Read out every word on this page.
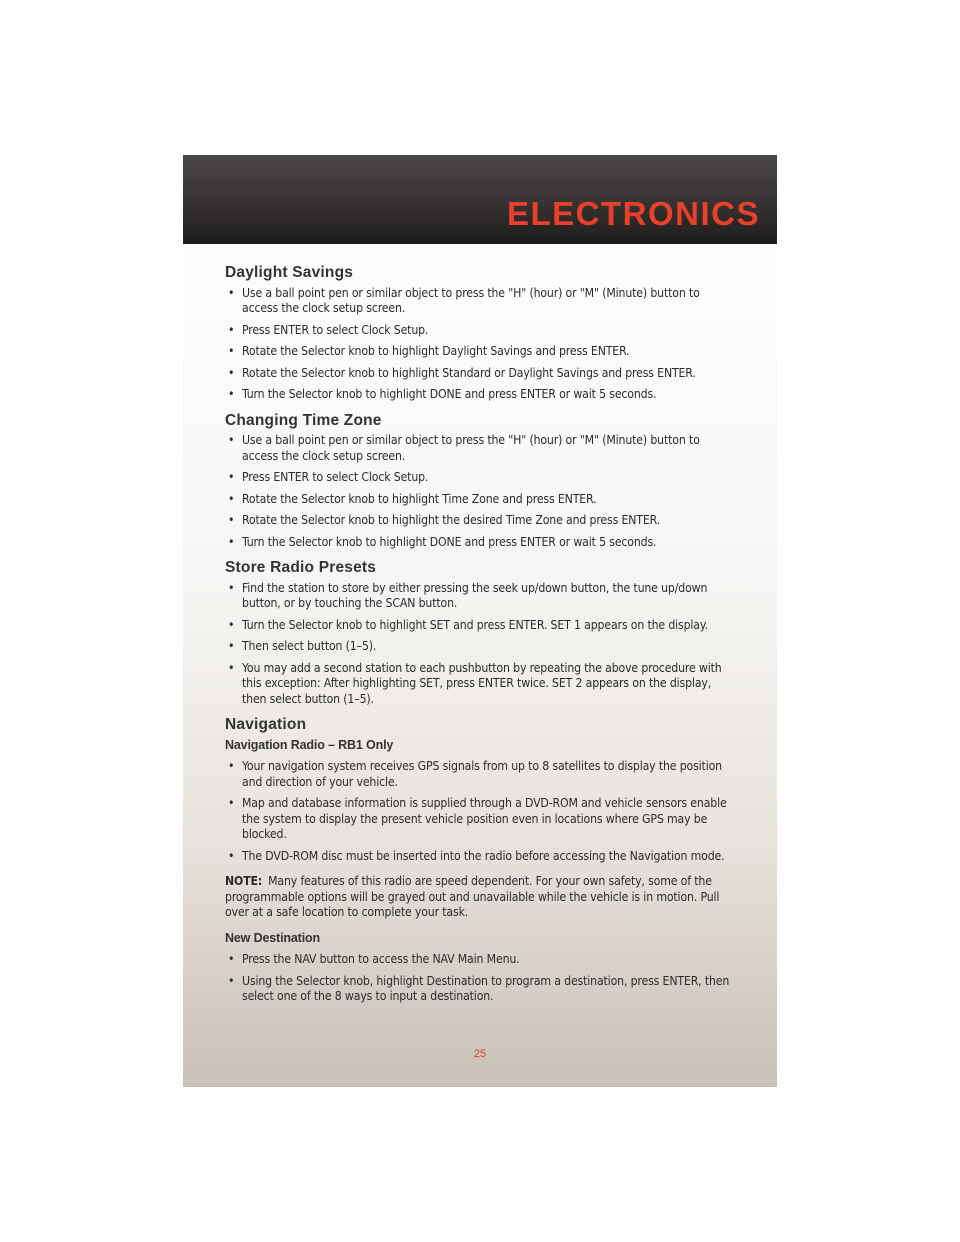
ELECTRONICS
Daylight Savings
• Use a ball point pen or similar object to press the "H" (hour) or "M" (Minute) button to access the clock setup screen.
• Press ENTER to select Clock Setup.
• Rotate the Selector knob to highlight Daylight Savings and press ENTER.
• Rotate the Selector knob to highlight Standard or Daylight Savings and press ENTER.
• Turn the Selector knob to highlight DONE and press ENTER or wait 5 seconds.
Changing Time Zone
• Use a ball point pen or similar object to press the "H" (hour) or "M" (Minute) button to access the clock setup screen.
• Press ENTER to select Clock Setup.
• Rotate the Selector knob to highlight Time Zone and press ENTER.
• Rotate the Selector knob to highlight the desired Time Zone and press ENTER.
• Turn the Selector knob to highlight DONE and press ENTER or wait 5 seconds.
Store Radio Presets
• Find the station to store by either pressing the seek up/down button, the tune up/down button, or by touching the SCAN button.
• Turn the Selector knob to highlight SET and press ENTER. SET 1 appears on the display.
• Then select button (1–5).
• You may add a second station to each pushbutton by repeating the above procedure with this exception: After highlighting SET, press ENTER twice. SET 2 appears on the display, then select button (1–5).
Navigation
Navigation Radio – RB1 Only
• Your navigation system receives GPS signals from up to 8 satellites to display the position and direction of your vehicle.
• Map and database information is supplied through a DVD-ROM and vehicle sensors enable the system to display the present vehicle position even in locations where GPS may be blocked.
• The DVD-ROM disc must be inserted into the radio before accessing the Navigation mode.

NOTE: Many features of this radio are speed dependent. For your own safety, some of the programmable options will be grayed out and unavailable while the vehicle is in motion. Pull over at a safe location to complete your task.

New Destination
• Press the NAV button to access the NAV Main Menu.
• Using the Selector knob, highlight Destination to program a destination, press ENTER, then select one of the 8 ways to input a destination.
25
